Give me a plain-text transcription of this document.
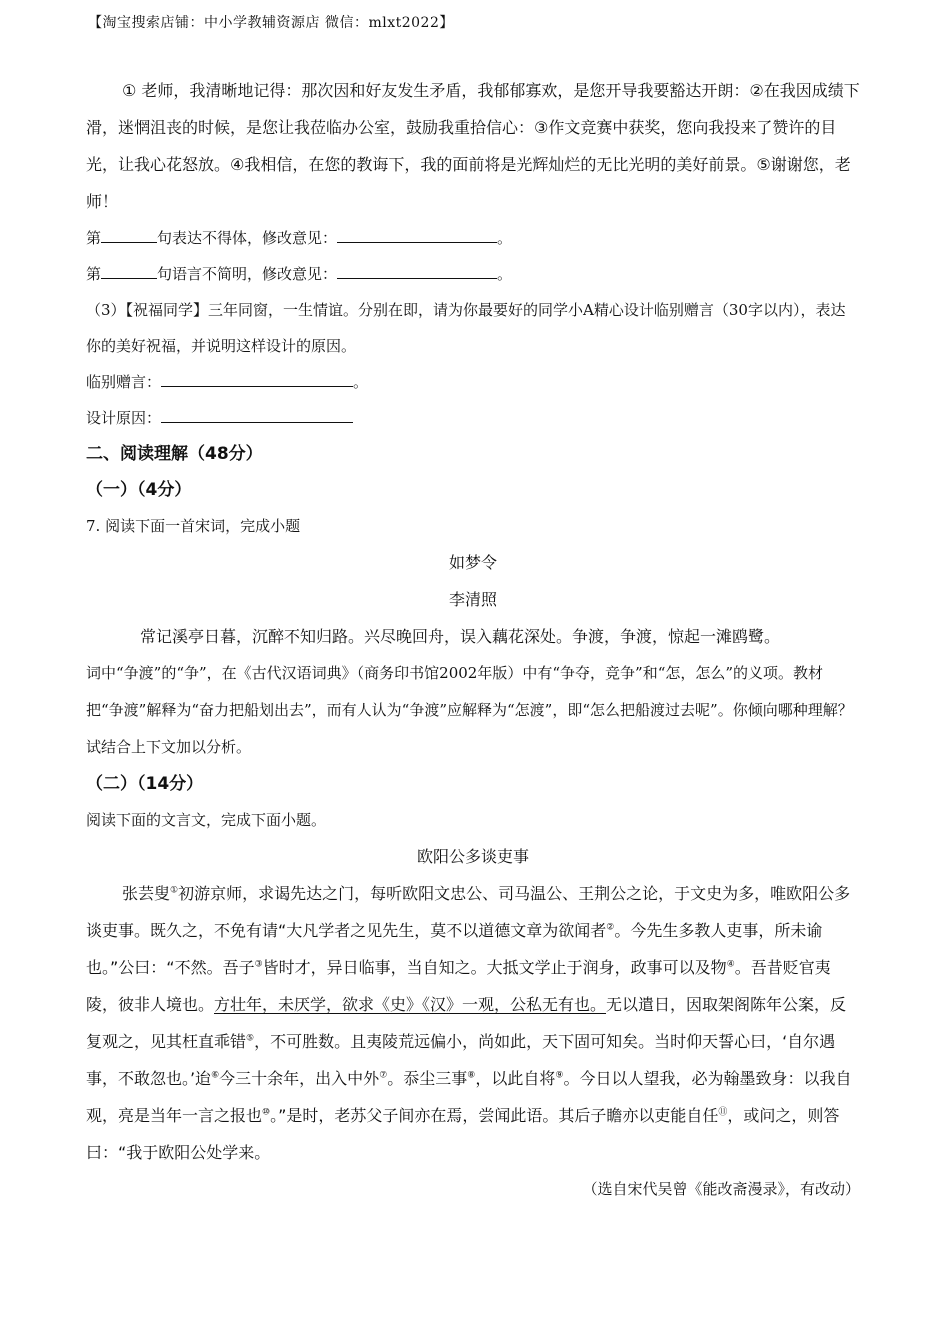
【淘宝搜索店铺：中小学教辅资源店 微信：mlxt2022】

① 老师，我清晰地记得：那次因和好友发生矛盾，我郁郁寡欢，是您开导我要豁达开朗：②在我因成绩下滑，迷惘沮丧的时候，是您让我莅临办公室，鼓励我重拾信心：③作文竞赛中获奖，您向我投来了赞许的目光，让我心花怒放。④我相信，在您的教诲下，我的面前将是光辉灿烂的无比光明的美好前景。⑤谢谢您，老师！

第	句表达不得体，修改意见：	。

第	句语言不简明，修改意见：	。

（3）【祝福同学】三年同窗，一生情谊。分别在即，请为你最要好的同学小A精心设计临别赠言（30字以内），表达你的美好祝福，并说明这样设计的原因。

临别赠言：	。

设计原因：

二、阅读理解（48分）

（一）（4分）

7. 阅读下面一首宋词，完成小题

如梦令

李清照

常记溪亭日暮，沉醉不知归路。兴尽晚回舟，误入藕花深处。争渡，争渡，惊起一滩鸥鹭。

词中“争渡”的“争”，在《古代汉语词典》（商务印书馆2002年版）中有“争夺，竞争”和“怎，怎么”的义项。教材把“争渡”解释为“奋力把船划出去”，而有人认为“争渡”应解释为“怎渡”，即“怎么把船渡过去呢”。你倾向哪种理解？试结合上下文加以分析。

（二）（14分）

阅读下面的文言文，完成下面小题。

欧阳公多谈吏事

张芸叟①初游京师，求谒先达之门，每听欧阳文忠公、司马温公、王荆公之论，于文史为多，唯欧阳公多谈吏事。既久之，不免有请“大凡学者之见先生，莫不以道德文章为欲闻者②。今先生多教人吏事，所未谕也。”公曰：“不然。吾子③皆时才，异日临事，当自知之。大抵文学止于润身，政事可以及物④。吾昔贬官夷陵，彼非人境也。方壮年，未厌学，欲求《史》《汉》一观，公私无有也。无以遣日，因取架阁陈年公案，反复观之，见其枉直乖错⑤，不可胜数。且夷陵荒远偏小，尚如此，天下固可知矣。当时仰天誓心曰，‘自尔遇事，不敢忽也。’迨⑥今三十余年，出入中外⑦。忝尘三事⑧，以此自将⑨。今日以人望我，必为翰墨致身：以我自观，亮是当年一言之报也⑩。”是时，老苏父子间亦在焉，尝闻此语。其后子瞻亦以吏能自任⑪，或问之，则答曰：“我于欧阳公处学来。

（选自宋代吴曾《能改斋漫录》，有改动）
